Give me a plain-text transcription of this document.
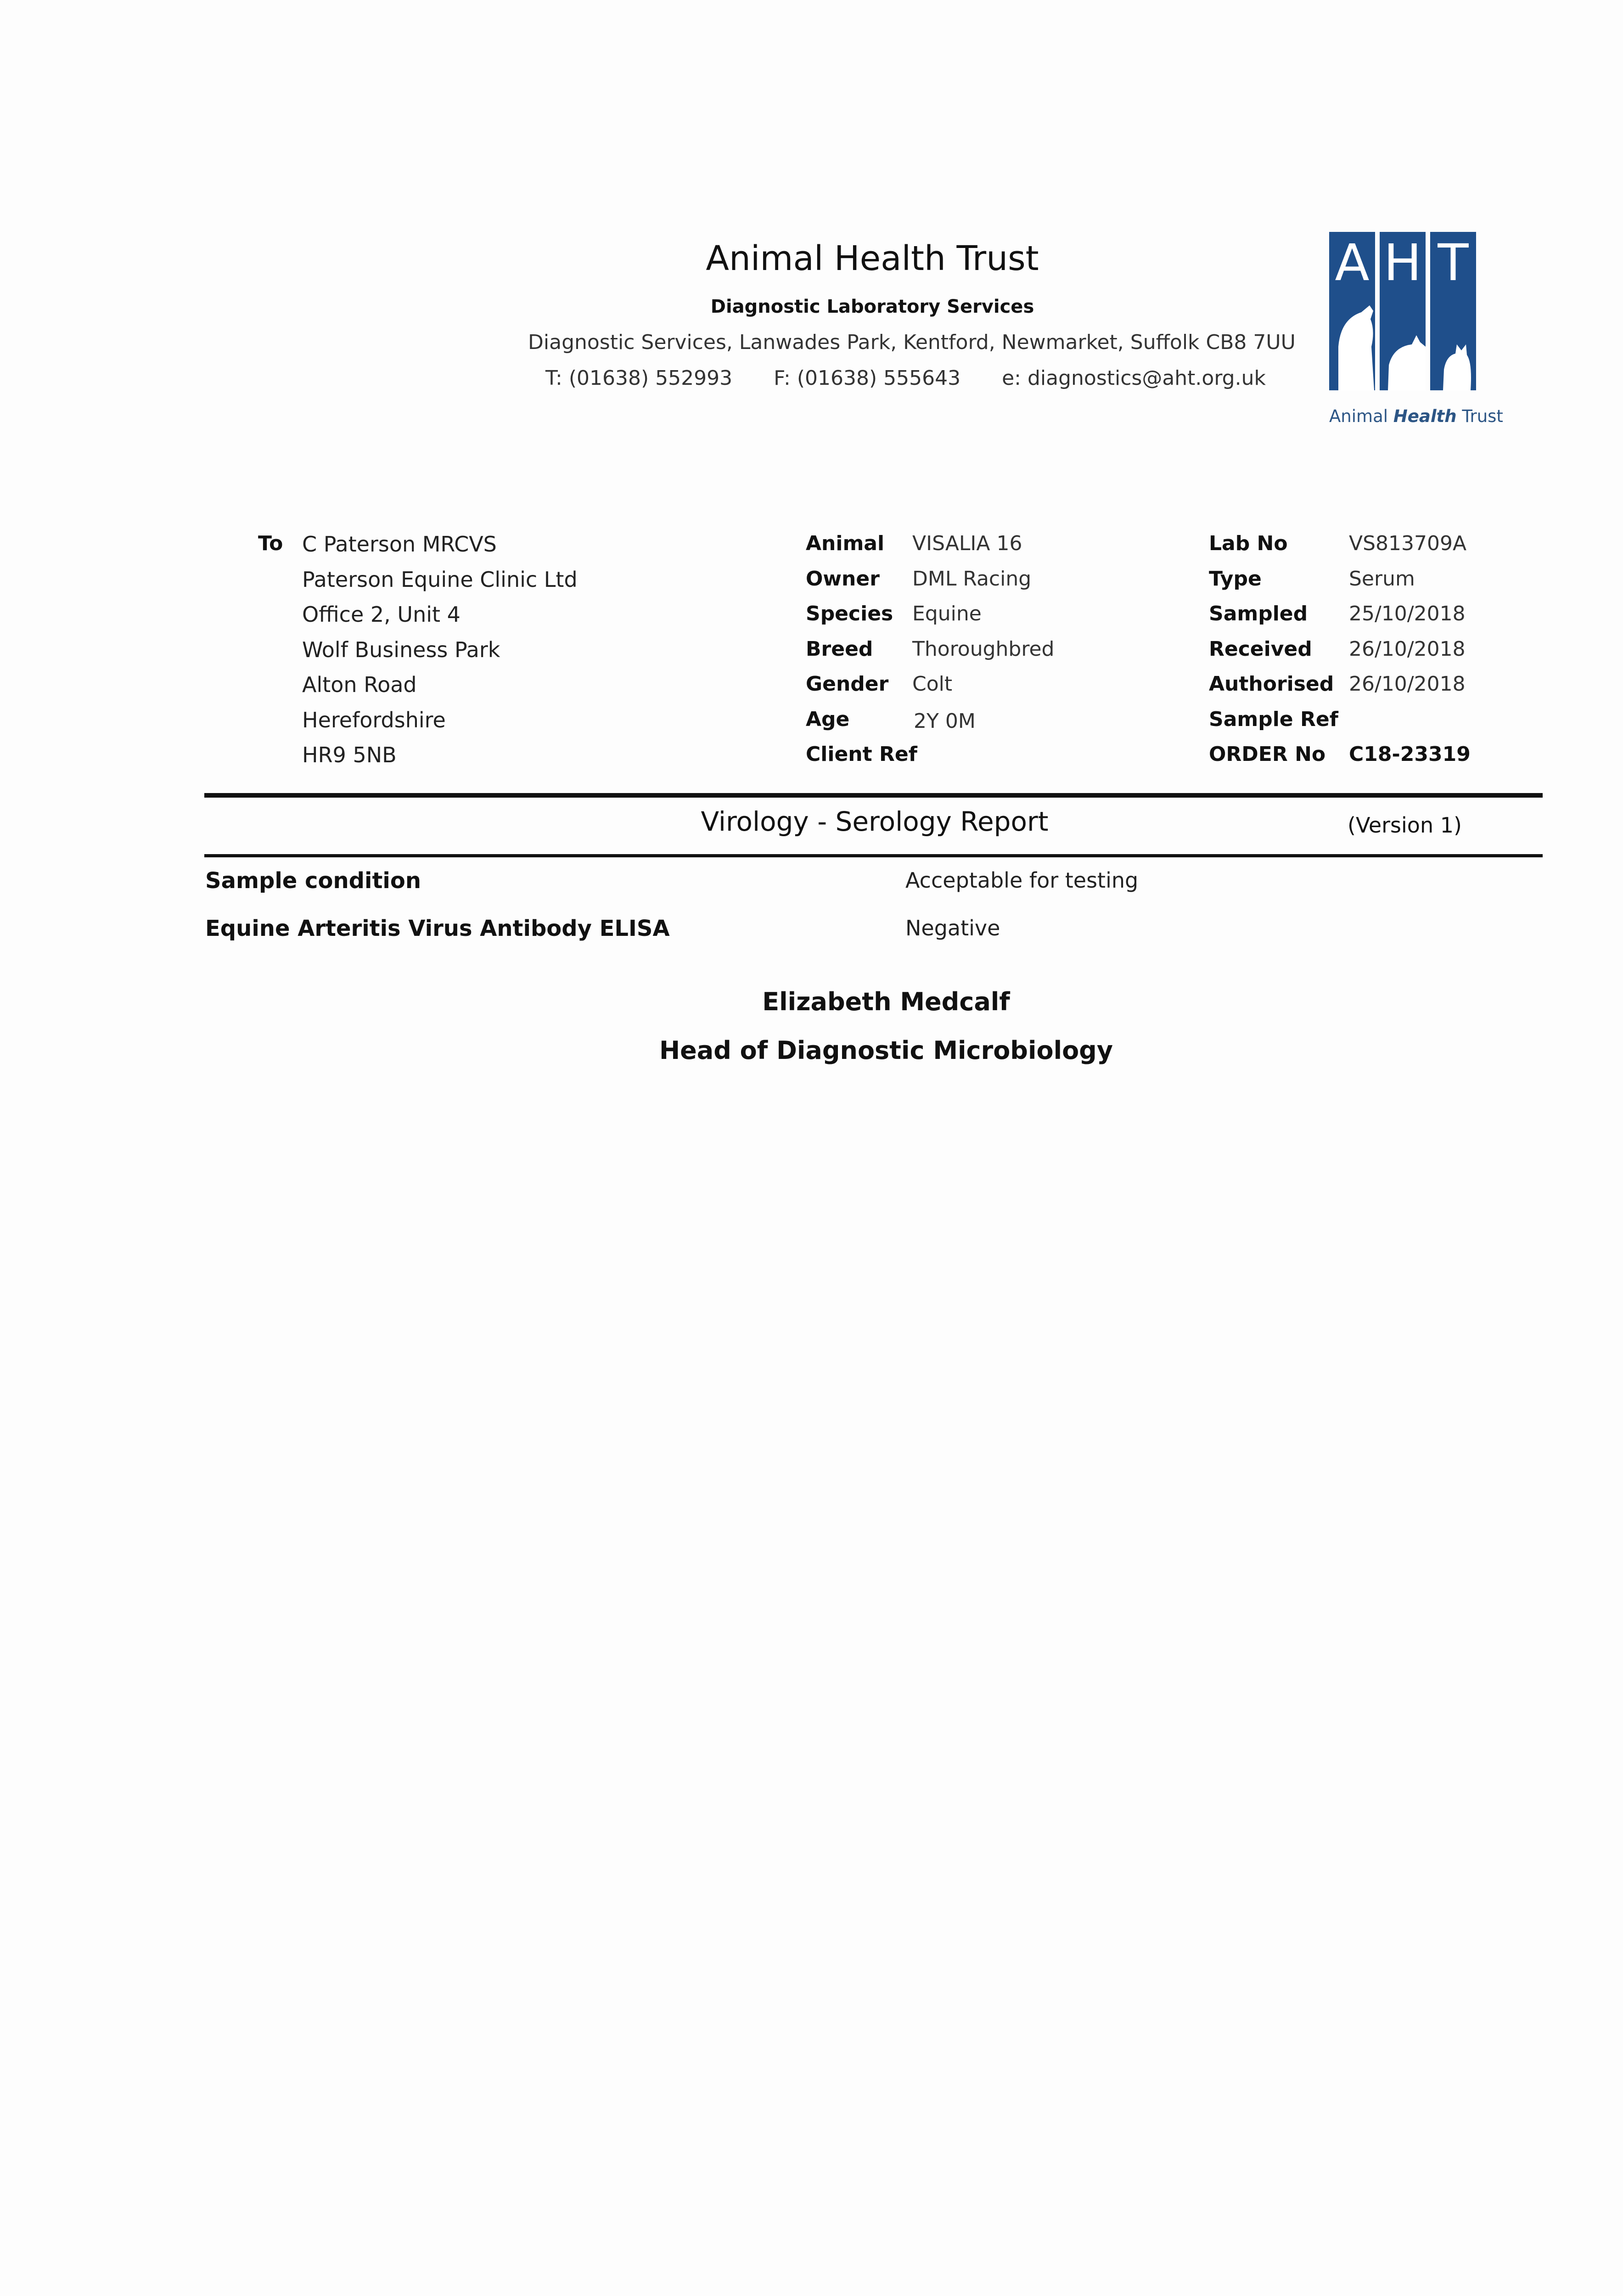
Animal Health Trust
Diagnostic Laboratory Services
Diagnostic Services, Lanwades Park, Kentford, Newmarket, Suffolk CB8 7UU
T: (01638) 552993 F: (01638) 555643 e: diagnostics@aht.org.uk
A H T
Animal Health Trust
To C Paterson MRCVS
Paterson Equine Clinic Ltd
Office 2, Unit 4
Wolf Business Park
Alton Road
Herefordshire
HR9 5NB
Animal VISALIA 16
Owner DML Racing
Species Equine
Breed Thoroughbred
Gender Colt
Age	2Y 0M
Client Ref
Lab No	VS813709A
Type	Serum
Sampled 25/10/2018
Received 26/10/2018
Authorised 26/10/2018
Sample Ref
ORDER No C18-23319
Virology - Serology Report	(Version 1)
Sample condition	Acceptable for testing
Equine Arteritis Virus Antibody ELISA	Negative
Elizabeth Medcalf
Head of Diagnostic Microbiology
